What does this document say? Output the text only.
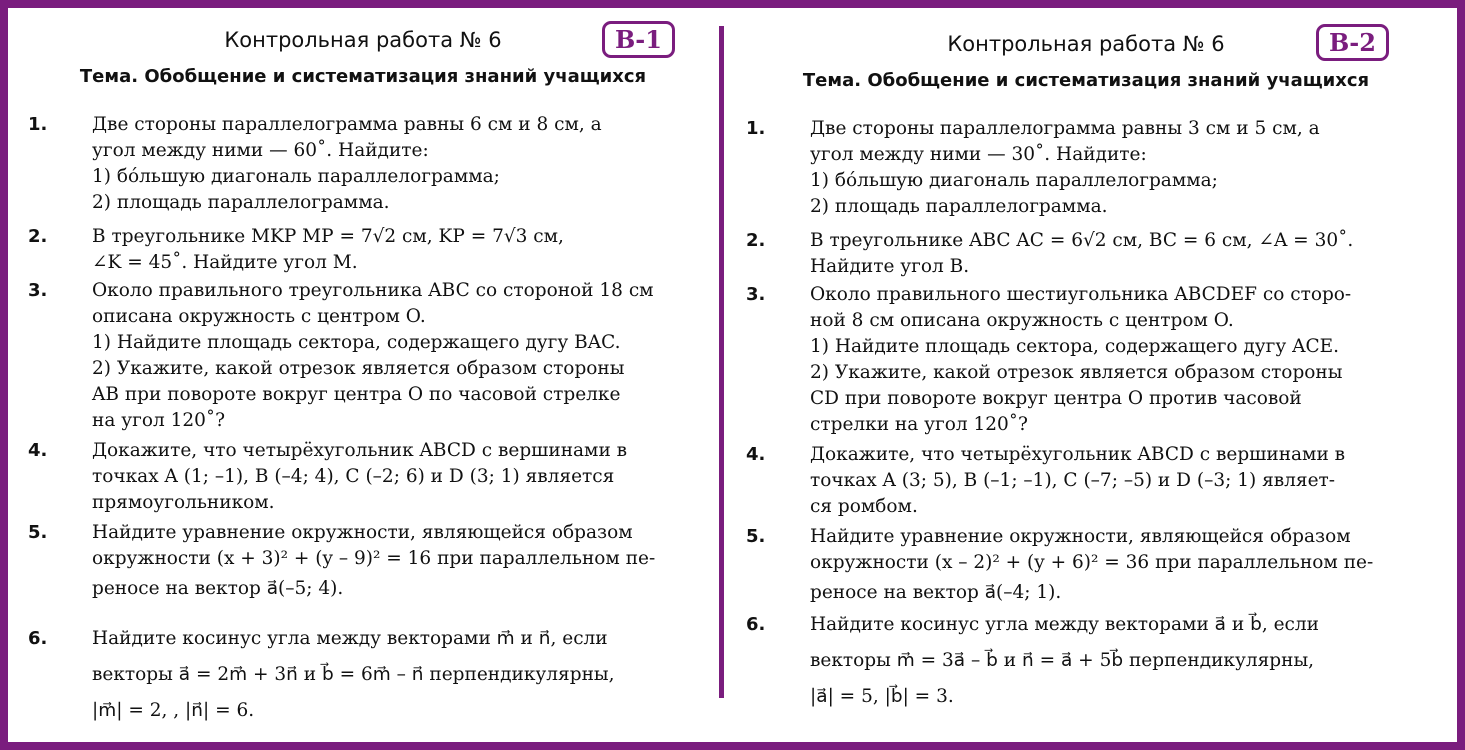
Контрольная работа № 6	В-1
Тема. Обобщение и систематизация знаний учащихся
1. Две стороны параллелограмма равны 6 см и 8 см, а
угол между ними — 60˚. Найдите:
1) бóльшую диагональ параллелограмма;
2) площадь параллелограмма.
2. В треугольнике MKP MP = 7√2 см, KP = 7√3 см,
∠K = 45˚. Найдите угол M.
3. Около правильного треугольника ABC со стороной 18 см
описана окружность с центром O.
1) Найдите площадь сектора, содержащего дугу BAC.
2) Укажите, какой отрезок является образом стороны
AB при повороте вокруг центра O по часовой стрелке
на угол 120˚?
4. Докажите, что четырёхугольник ABCD с вершинами в
точках A (1; –1), B (–4; 4), C (–2; 6) и D (3; 1) является
прямоугольником.
5. Найдите уравнение окружности, являющейся образом
окружности (x + 3)² + (y – 9)² = 16 при параллельном пе-
реносе на вектор a⃗(–5; 4).
6. Найдите косинус угла между векторами m⃗ и n⃗, если
векторы a⃗ = 2m⃗ + 3n⃗ и b⃗ = 6m⃗ – n⃗ перпендикулярны,
|m⃗| = 2, , |n⃗| = 6.
Контрольная работа № 6	В-2
Тема. Обобщение и систематизация знаний учащихся
1. Две стороны параллелограмма равны 3 см и 5 см, а
угол между ними — 30˚. Найдите:
1) бóльшую диагональ параллелограмма;
2) площадь параллелограмма.
2. В треугольнике ABC AC = 6√2 см, BC = 6 см, ∠A = 30˚.
Найдите угол B.
3. Около правильного шестиугольника ABCDEF со сторо-
ной 8 см описана окружность с центром O.
1) Найдите площадь сектора, содержащего дугу ACE.
2) Укажите, какой отрезок является образом стороны
CD при повороте вокруг центра O против часовой
стрелки на угол 120˚?
4. Докажите, что четырёхугольник ABCD с вершинами в
точках A (3; 5), B (–1; –1), C (–7; –5) и D (–3; 1) являет-
ся ромбом.
5. Найдите уравнение окружности, являющейся образом
окружности (x – 2)² + (y + 6)² = 36 при параллельном пе-
реносе на вектор a⃗(–4; 1).
6. Найдите косинус угла между векторами a⃗ и b⃗, если
векторы m⃗ = 3a⃗ – b⃗ и n⃗ = a⃗ + 5b⃗ перпендикулярны,
|a⃗| = 5, |b⃗| = 3.
